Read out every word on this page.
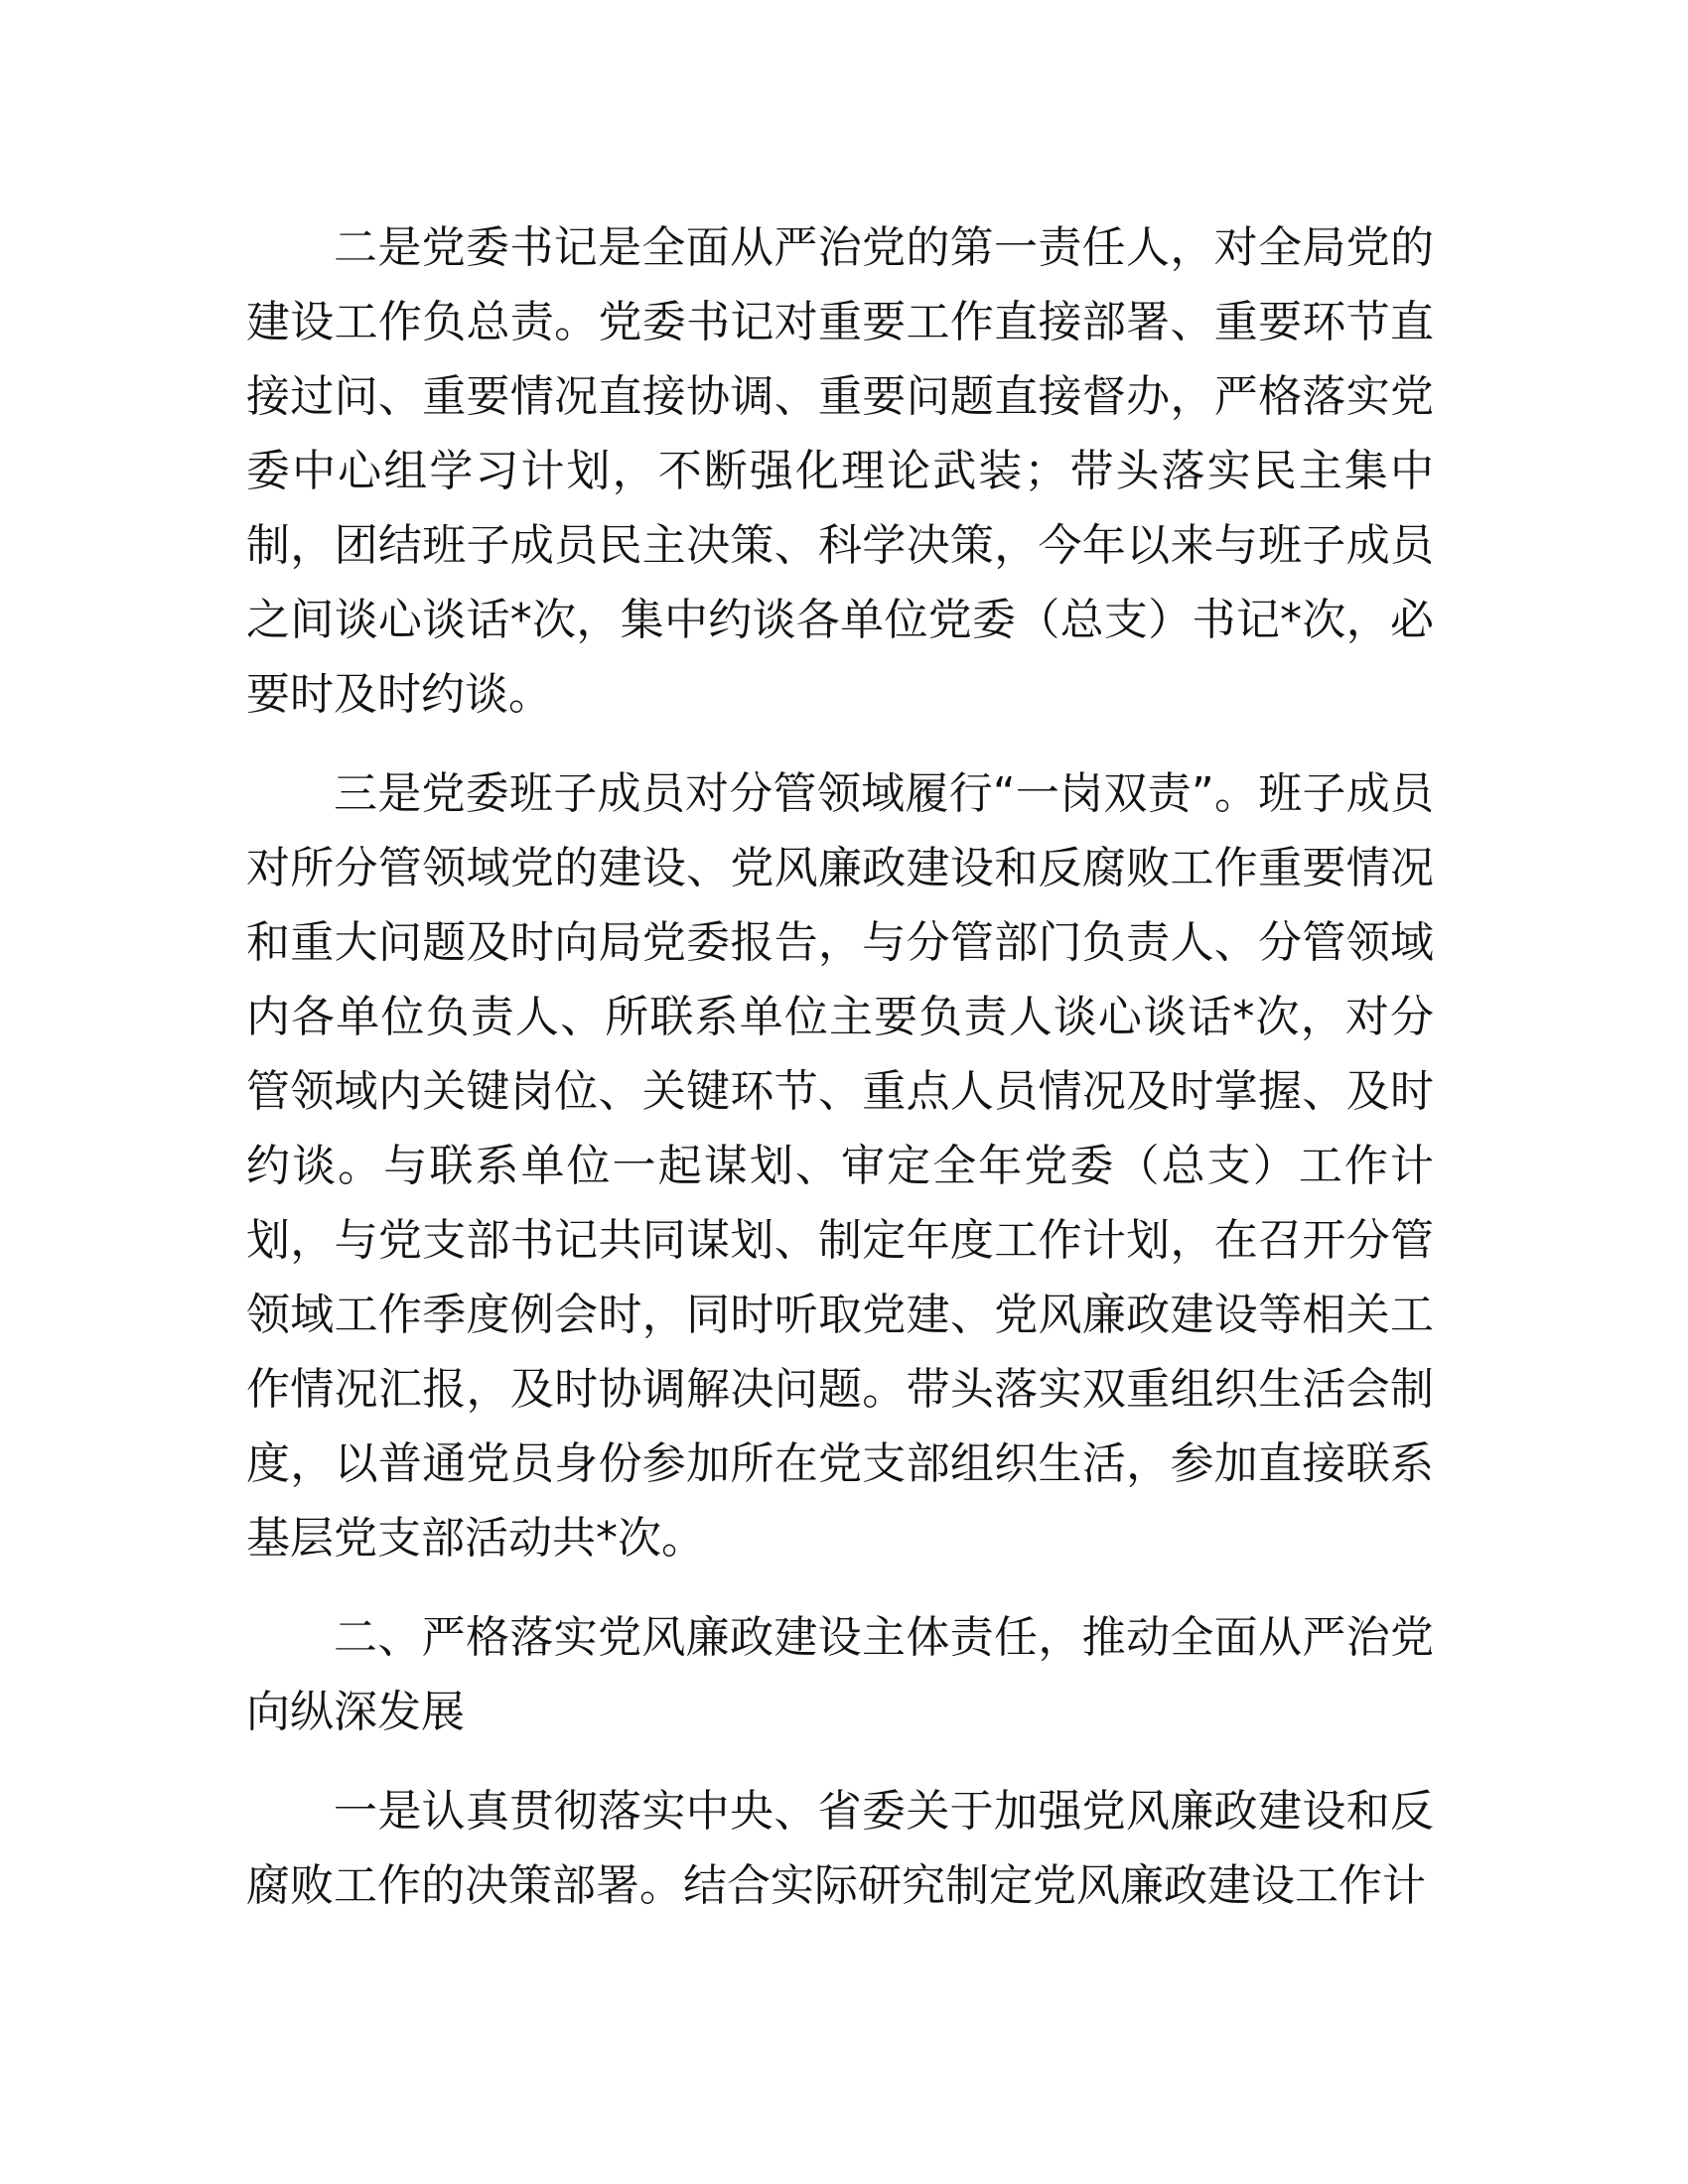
二是党委书记是全面从严治党的第一责任人，对全局党的建设工作负总责。党委书记对重要工作直接部署、重要环节直接过问、重要情况直接协调、重要问题直接督办，严格落实党委中心组学习计划，不断强化理论武装；带头落实民主集中制，团结班子成员民主决策、科学决策，今年以来与班子成员之间谈心谈话*次，集中约谈各单位党委（总支）书记*次，必要时及时约谈。

三是党委班子成员对分管领域履行“一岗双责”。班子成员对所分管领域党的建设、党风廉政建设和反腐败工作重要情况和重大问题及时向局党委报告，与分管部门负责人、分管领域内各单位负责人、所联系单位主要负责人谈心谈话*次，对分管领域内关键岗位、关键环节、重点人员情况及时掌握、及时约谈。与联系单位一起谋划、审定全年党委（总支）工作计划，与党支部书记共同谋划、制定年度工作计划，在召开分管领域工作季度例会时，同时听取党建、党风廉政建设等相关工作情况汇报，及时协调解决问题。带头落实双重组织生活会制度，以普通党员身份参加所在党支部组织生活，参加直接联系基层党支部活动共*次。

二、严格落实党风廉政建设主体责任，推动全面从严治党向纵深发展

一是认真贯彻落实中央、省委关于加强党风廉政建设和反腐败工作的决策部署。结合实际研究制定党风廉政建设工作计
